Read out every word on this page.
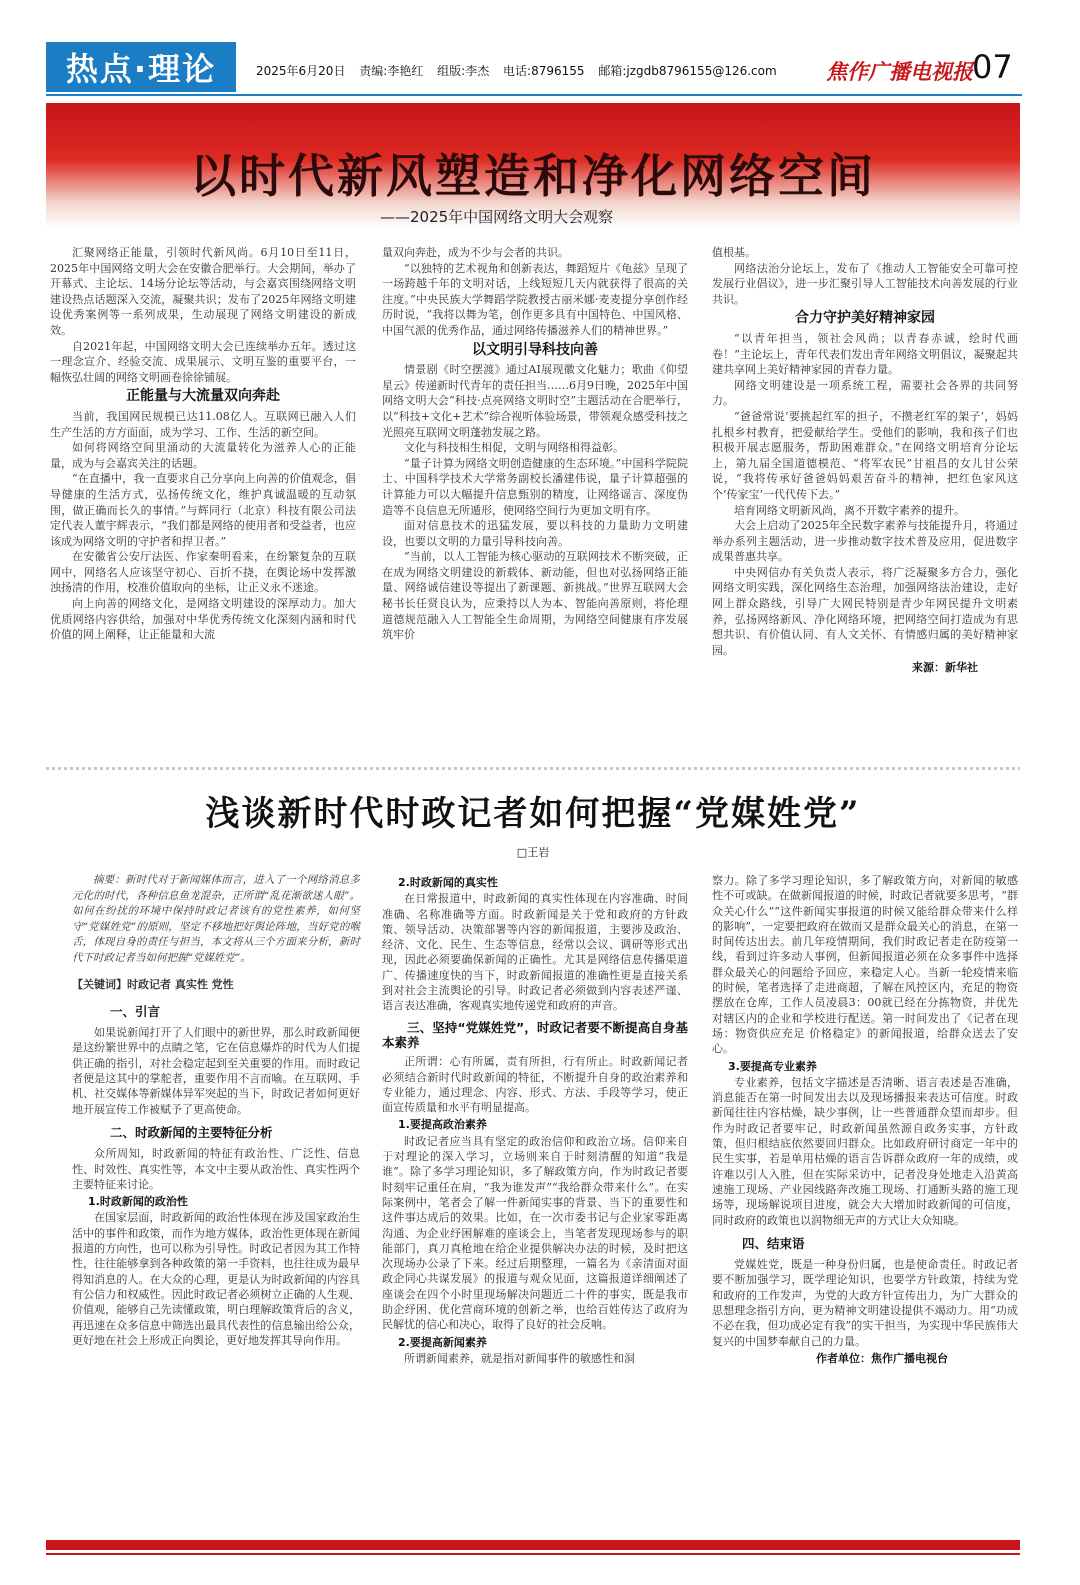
热点·理论	2025年6月20日 责编:李艳红 组版:李杰 电话:8796155 邮箱:jzgdb8796155@126.com	焦作广播电视报 07
以时代新风塑造和净化网络空间
——2025年中国网络文明大会观察

汇聚网络正能量，引领时代新风尚。6月10日至11日，2025年中国网络文明大会在安徽合肥举行。大会期间，举办了开幕式、主论坛、14场分论坛等活动，与会嘉宾围绕网络文明建设热点话题深入交流，凝聚共识；发布了2025年网络文明建设优秀案例等一系列成果，生动展现了网络文明建设的新成效。

自2021年起，中国网络文明大会已连续举办五年。透过这一理念宣介、经验交流、成果展示、文明互鉴的重要平台，一幅恢弘壮阔的网络文明画卷徐徐铺展。

正能量与大流量双向奔赴

当前，我国网民规模已达11.08亿人。互联网已融入人们生产生活的方方面面，成为学习、工作、生活的新空间。

如何将网络空间里涌动的大流量转化为滋养人心的正能量，成为与会嘉宾关注的话题。

“在直播中，我一直要求自己分享向上向善的价值观念，倡导健康的生活方式，弘扬传统文化，维护真诚温暖的互动氛围，做正确而长久的事情。”与辉同行（北京）科技有限公司法定代表人董宇辉表示，“我们都是网络的使用者和受益者，也应该成为网络文明的守护者和捍卫者。”

在安徽省公安厅法医、作家秦明看来，在纷繁复杂的互联网中，网络名人应该坚守初心、百折不挠，在舆论场中发挥激浊扬清的作用，校准价值取向的坐标，让正义永不迷途。

向上向善的网络文化，是网络文明建设的深厚动力。加大优质网络内容供给，加强对中华优秀传统文化深刻内涵和时代价值的网上阐释，让正能量和大流

量双向奔赴，成为不少与会者的共识。

“以独特的艺术视角和创新表达，舞蹈短片《龟兹》呈现了一场跨越千年的文明对话，上线短短几天内就获得了很高的关注度。”中央民族大学舞蹈学院教授古丽米娜·麦麦提分享创作经历时说，“我将以舞为笔，创作更多具有中国特色、中国风格、中国气派的优秀作品，通过网络传播滋养人们的精神世界。”

以文明引导科技向善

情景剧《时空摆渡》通过AI展现徽文化魅力；歌曲《仰望星云》传递新时代青年的责任担当……6月9日晚，2025年中国网络文明大会“科技·点亮网络文明时空”主题活动在合肥举行，以“科技+文化+艺术”综合视听体验场景，带领观众感受科技之光照亮互联网文明蓬勃发展之路。

文化与科技相生相促，文明与网络相得益彰。

“量子计算为网络文明创造健康的生态环境。”中国科学院院士、中国科学技术大学常务副校长潘建伟说，量子计算超强的计算能力可以大幅提升信息甄别的精度，让网络谣言、深度伪造等不良信息无所遁形，使网络空间行为更加文明有序。

面对信息技术的迅猛发展，要以科技的力量助力文明建设，也要以文明的力量引导科技向善。

“当前，以人工智能为核心驱动的互联网技术不断突破，正在成为网络文明建设的新载体、新动能，但也对弘扬网络正能量、网络诚信建设等提出了新课题、新挑战。”世界互联网大会秘书长任贤良认为，应秉持以人为本、智能向善原则，将伦理道德规范融入人工智能全生命周期，为网络空间健康有序发展筑牢价

值根基。

网络法治分论坛上，发布了《推动人工智能安全可靠可控发展行业倡议》，进一步汇聚引导人工智能技术向善发展的行业共识。

合力守护美好精神家园

“以青年担当，领社会风尚；以青春赤诚，绘时代画卷！”主论坛上，青年代表们发出青年网络文明倡议，凝聚起共建共享网上美好精神家园的青春力量。

网络文明建设是一项系统工程，需要社会各界的共同努力。

“爸爸常说‘要挑起红军的担子，不攒老红军的架子’，妈妈扎根乡村教育，把爱献给学生。受他们的影响，我和孩子们也积极开展志愿服务，帮助困难群众。”在网络文明培育分论坛上，第九届全国道德模范、“将军农民”甘祖昌的女儿甘公荣说，“我将传承好爸爸妈妈艰苦奋斗的精神，把红色家风这个‘传家宝’一代代传下去。”

培育网络文明新风尚，离不开数字素养的提升。

大会上启动了2025年全民数字素养与技能提升月，将通过举办系列主题活动，进一步推动数字技术普及应用，促进数字成果普惠共享。

中央网信办有关负责人表示，将广泛凝聚多方合力，强化网络文明实践，深化网络生态治理，加强网络法治建设，走好网上群众路线，引导广大网民特别是青少年网民提升文明素养，弘扬网络新风、净化网络环境，把网络空间打造成为有思想共识、有价值认同、有人文关怀、有情感归属的美好精神家园。

来源：新华社
浅谈新时代时政记者如何把握“党媒姓党”
□王岩

摘要：新时代对于新闻媒体而言，进入了一个网络消息多元化的时代，各种信息鱼龙混杂，正所谓“乱花渐欲迷人眼”。如何在纷扰的环境中保持时政记者该有的党性素养，如何坚守“党媒姓党”的原则，坚定不移地把好舆论阵地，当好党的喉舌，体现自身的责任与担当，本文将从三个方面来分析，新时代下时政记者当如何把握“党媒姓党”。

【关键词】时政记者 真实性 党性

一、引言

如果说新闻打开了人们眼中的新世界，那么时政新闻便是这纷繁世界中的点睛之笔，它在信息爆炸的时代为人们提供正确的指引，对社会稳定起到至关重要的作用。而时政记者便是这其中的掌舵者，重要作用不言而喻。在互联网、手机、社交媒体等新媒体异军突起的当下，时政记者如何更好地开展宣传工作被赋予了更高使命。

二、时政新闻的主要特征分析

众所周知，时政新闻的特征有政治性、广泛性、信息性、时效性、真实性等，本文中主要从政治性、真实性两个主要特征来讨论。

1.时政新闻的政治性

在国家层面，时政新闻的政治性体现在涉及国家政治生活中的事件和政策，而作为地方媒体，政治性更体现在新闻报道的方向性，也可以称为引导性。时政记者因为其工作特性，往往能够拿到各种政策的第一手资料，也往往成为最早得知消息的人。在大众的心理，更是认为时政新闻的内容具有公信力和权威性。因此时政记者必须树立正确的人生观、价值观，能够自己先读懂政策，明白理解政策背后的含义，再迅速在众多信息中筛选出最具代表性的信息输出给公众，更好地在社会上形成正向舆论，更好地发挥其导向作用。

2.时政新闻的真实性

在日常报道中，时政新闻的真实性体现在内容准确、时间准确、名称准确等方面。时政新闻是关于党和政府的方针政策、领导活动、决策部署等内容的新闻报道，主要涉及政治、经济、文化、民生、生态等信息，经常以会议、调研等形式出现，因此必须要确保新闻的正确性。尤其是网络信息传播渠道广、传播速度快的当下，时政新闻报道的准确性更是直接关系到对社会主流舆论的引导。时政记者必须做到内容表述严谨、语言表达准确，客观真实地传递党和政府的声音。

三、坚持“党媒姓党”，时政记者要不断提高自身基本素养

正所谓：心有所属，责有所担，行有所止。时政新闻记者必须结合新时代时政新闻的特征，不断提升自身的政治素养和专业能力，通过理念、内容、形式、方法、手段等学习，使正面宣传质量和水平有明显提高。

1.要提高政治素养

时政记者应当具有坚定的政治信仰和政治立场。信仰来自于对理论的深入学习，立场则来自于时刻清醒的知道“我是谁”。除了多学习理论知识，多了解政策方向，作为时政记者要时刻牢记重任在肩，“我为谁发声”“我给群众带来什么”。在实际案例中，笔者会了解一件新闻实事的背景、当下的重要性和这件事达成后的效果。比如，在一次市委书记与企业家零距离沟通、为企业纾困解难的座谈会上，当笔者发现现场参与的职能部门，真刀真枪地在给企业提供解决办法的时候，及时把这次现场办公录了下来。经过后期整理，一篇名为《亲清面对面 政企同心共谋发展》的报道与观众见面，这篇报道详细阐述了座谈会在四个小时里现场解决问题近二十件的事实，既是我市助企纾困、优化营商环境的创新之举，也给百姓传达了政府为民解忧的信心和决心，取得了良好的社会反响。

2.要提高新闻素养

所谓新闻素养，就是指对新闻事件的敏感性和洞

察力。除了多学习理论知识，多了解政策方向，对新闻的敏感性不可或缺。在做新闻报道的时候，时政记者就要多思考，“群众关心什么”“这件新闻实事报道的时候又能给群众带来什么样的影响”，一定要把政府在做而又是群众最关心的消息，在第一时间传达出去。前几年疫情期间，我们时政记者走在防疫第一线，看到过许多动人事例，但新闻报道必须在众多事件中选择群众最关心的问题给予回应，来稳定人心。当新一轮疫情来临的时候，笔者选择了走进商超，了解在风控区内，充足的物资摆放在仓库，工作人员凌晨3：00就已经在分拣物资，并优先对辖区内的企业和学校进行配送。第一时间发出了《记者在现场：物资供应充足 价格稳定》的新闻报道，给群众送去了安心。

3.要提高专业素养

专业素养，包括文字描述是否清晰、语言表述是否准确，消息能否在第一时间发出去以及现场播报来表达可信度。时政新闻往往内容枯燥，缺少事例，让一些普通群众望而却步。但作为时政记者要牢记，时政新闻虽然源自政务实事，方针政策，但归根结底依然要回归群众。比如政府研讨商定一年中的民生实事，若是单用枯燥的语言告诉群众政府一年的成绩，或许难以引人入胜，但在实际采访中，记者没身处地走入沿黄高速施工现场、产业园线路奔改施工现场、打通断头路的施工现场等，现场解说项目进度，就会大大增加时政新闻的可信度，同时政府的政策也以润物细无声的方式让大众知晓。

四、结束语

党媒姓党，既是一种身份归属，也是使命责任。时政记者要不断加强学习，既学理论知识，也要学方针政策，持续为党和政府的工作发声，为党的大政方针宣传出力，为广大群众的思想理念指引方向，更为精神文明建设提供不竭动力。用“功成不必在我，但功成必定有我”的实干担当，为实现中华民族伟大复兴的中国梦奉献自己的力量。

作者单位：焦作广播电视台
